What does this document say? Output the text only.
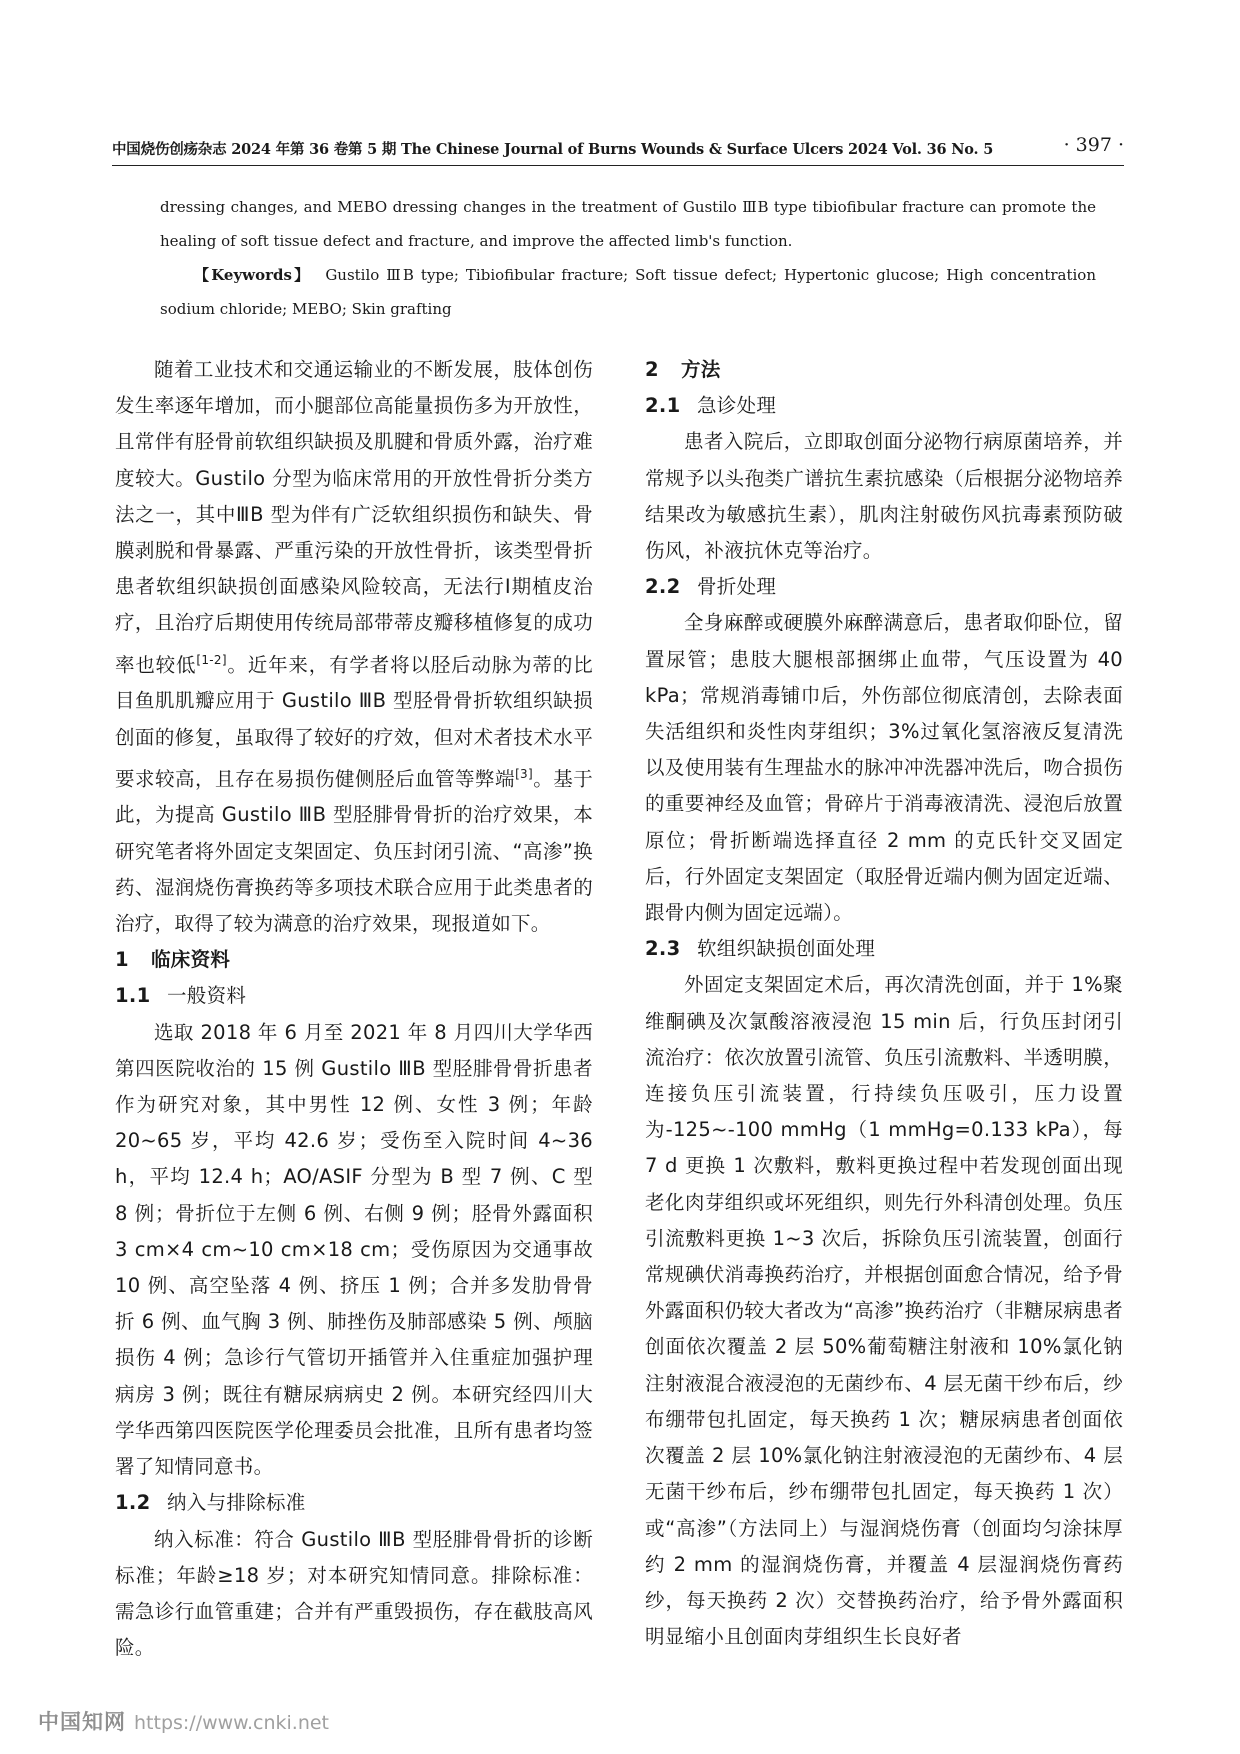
中国烧伤创疡杂志 2024 年第 36 卷第 5 期 The Chinese Journal of Burns Wounds & Surface Ulcers 2024 Vol. 36 No. 5	· 397 ·

dressing changes, and MEBO dressing changes in the treatment of Gustilo ⅢB type tibiofibular fracture can promote the healing of soft tissue defect and fracture, and improve the affected limb's function.

【Keywords】 Gustilo ⅢB type; Tibiofibular fracture; Soft tissue defect; Hypertonic glucose; High concentration sodium chloride; MEBO; Skin grafting

随着工业技术和交通运输业的不断发展，肢体创伤发生率逐年增加，而小腿部位高能量损伤多为开放性，且常伴有胫骨前软组织缺损及肌腱和骨质外露，治疗难度较大。Gustilo 分型为临床常用的开放性骨折分类方法之一，其中ⅢB 型为伴有广泛软组织损伤和缺失、骨膜剥脱和骨暴露、严重污染的开放性骨折，该类型骨折患者软组织缺损创面感染风险较高，无法行Ⅰ期植皮治疗，且治疗后期使用传统局部带蒂皮瓣移植修复的成功率也较低[1-2]。近年来，有学者将以胫后动脉为蒂的比目鱼肌肌瓣应用于 Gustilo ⅢB 型胫骨骨折软组织缺损创面的修复，虽取得了较好的疗效，但对术者技术水平要求较高，且存在易损伤健侧胫后血管等弊端[3]。基于此，为提高 Gustilo ⅢB 型胫腓骨骨折的治疗效果，本研究笔者将外固定支架固定、负压封闭引流、“高渗”换药、湿润烧伤膏换药等多项技术联合应用于此类患者的治疗，取得了较为满意的治疗效果，现报道如下。

1 临床资料
1.1 一般资料

选取 2018 年 6 月至 2021 年 8 月四川大学华西第四医院收治的 15 例 Gustilo ⅢB 型胫腓骨骨折患者作为研究对象，其中男性 12 例、女性 3 例；年龄 20~65 岁，平均 42.6 岁；受伤至入院时间 4~36 h，平均 12.4 h；AO/ASIF 分型为 B 型 7 例、C 型 8 例；骨折位于左侧 6 例、右侧 9 例；胫骨外露面积 3 cm×4 cm~10 cm×18 cm；受伤原因为交通事故 10 例、高空坠落 4 例、挤压 1 例；合并多发肋骨骨折 6 例、血气胸 3 例、肺挫伤及肺部感染 5 例、颅脑损伤 4 例；急诊行气管切开插管并入住重症加强护理病房 3 例；既往有糖尿病病史 2 例。本研究经四川大学华西第四医院医学伦理委员会批准，且所有患者均签署了知情同意书。

1.2 纳入与排除标准

纳入标准：符合 Gustilo ⅢB 型胫腓骨骨折的诊断标准；年龄≥18 岁；对本研究知情同意。排除标准：需急诊行血管重建；合并有严重毁损伤，存在截肢高风险。

2 方法
2.1 急诊处理

患者入院后，立即取创面分泌物行病原菌培养，并常规予以头孢类广谱抗生素抗感染（后根据分泌物培养结果改为敏感抗生素），肌肉注射破伤风抗毒素预防破伤风，补液抗休克等治疗。

2.2 骨折处理

全身麻醉或硬膜外麻醉满意后，患者取仰卧位，留置尿管；患肢大腿根部捆绑止血带，气压设置为 40 kPa；常规消毒铺巾后，外伤部位彻底清创，去除表面失活组织和炎性肉芽组织；3%过氧化氢溶液反复清洗以及使用装有生理盐水的脉冲冲洗器冲洗后，吻合损伤的重要神经及血管；骨碎片于消毒液清洗、浸泡后放置原位；骨折断端选择直径 2 mm 的克氏针交叉固定后，行外固定支架固定（取胫骨近端内侧为固定近端、跟骨内侧为固定远端）。

2.3 软组织缺损创面处理

外固定支架固定术后，再次清洗创面，并于 1%聚维酮碘及次氯酸溶液浸泡 15 min 后，行负压封闭引流治疗：依次放置引流管、负压引流敷料、半透明膜，连接负压引流装置，行持续负压吸引，压力设置为-125~-100 mmHg（1 mmHg=0.133 kPa），每 7 d 更换 1 次敷料，敷料更换过程中若发现创面出现老化肉芽组织或坏死组织，则先行外科清创处理。负压引流敷料更换 1~3 次后，拆除负压引流装置，创面行常规碘伏消毒换药治疗，并根据创面愈合情况，给予骨外露面积仍较大者改为“高渗”换药治疗（非糖尿病患者创面依次覆盖 2 层 50%葡萄糖注射液和 10%氯化钠注射液混合液浸泡的无菌纱布、4 层无菌干纱布后，纱布绷带包扎固定，每天换药 1 次；糖尿病患者创面依次覆盖 2 层 10%氯化钠注射液浸泡的无菌纱布、4 层无菌干纱布后，纱布绷带包扎固定，每天换药 1 次）或“高渗”（方法同上）与湿润烧伤膏（创面均匀涂抹厚约 2 mm 的湿润烧伤膏，并覆盖 4 层湿润烧伤膏药纱，每天换药 2 次）交替换药治疗，给予骨外露面积明显缩小且创面肉芽组织生长良好者

中国知网 https://www.cnki.net
